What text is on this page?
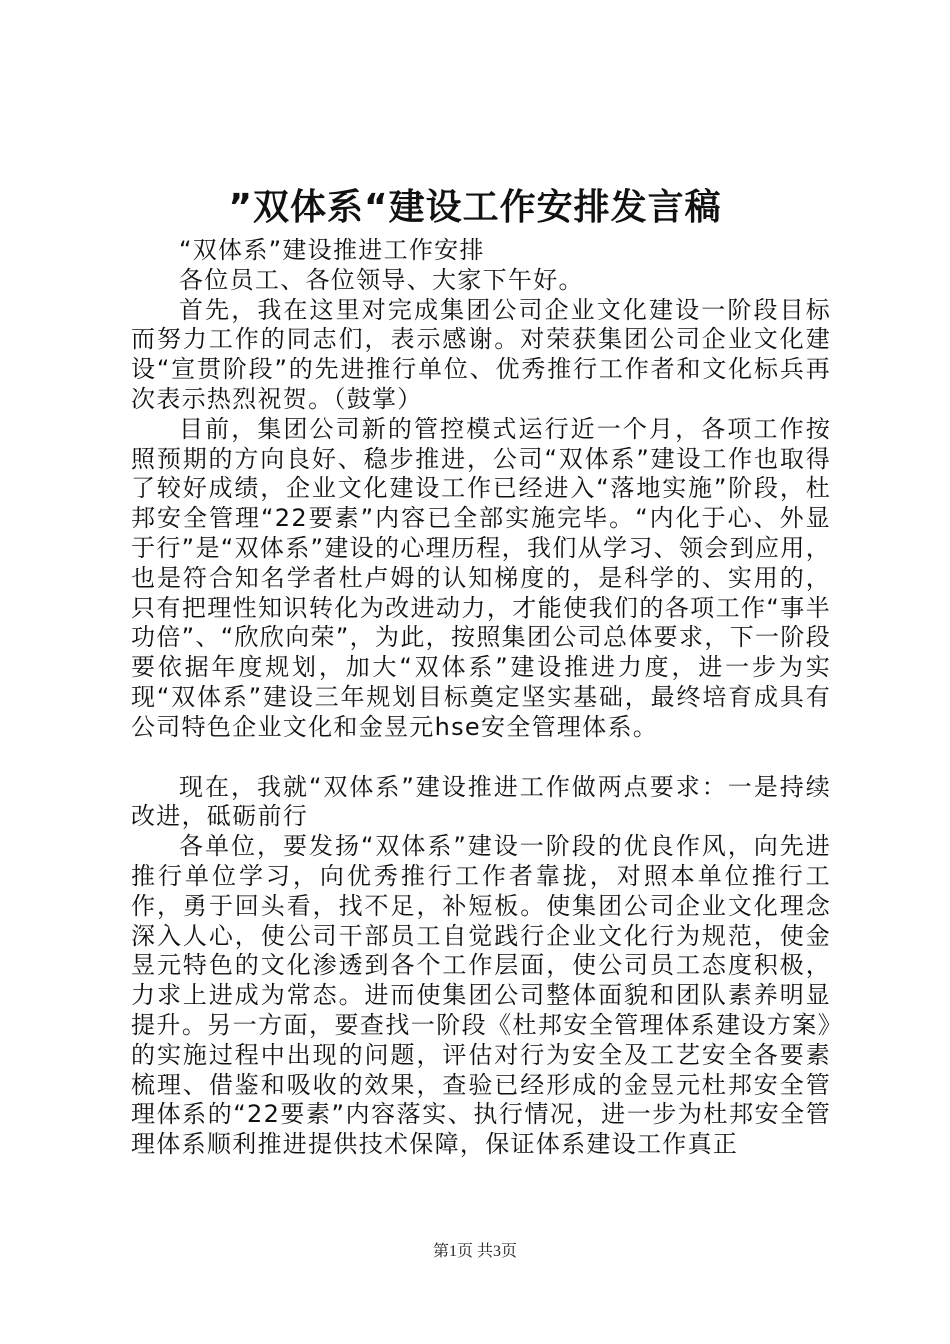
”双体系“建设工作安排发言稿

“双体系”建设推进工作安排

各位员工、各位领导、大家下午好。

首先，我在这里对完成集团公司企业文化建设一阶段目标而努力工作的同志们，表示感谢。对荣获集团公司企业文化建设“宣贯阶段”的先进推行单位、优秀推行工作者和文化标兵再次表示热烈祝贺。（鼓掌）

目前，集团公司新的管控模式运行近一个月，各项工作按照预期的方向良好、稳步推进，公司“双体系”建设工作也取得了较好成绩，企业文化建设工作已经进入“落地实施”阶段，杜邦安全管理“22要素”内容已全部实施完毕。“内化于心、外显于行”是“双体系”建设的心理历程，我们从学习、领会到应用，也是符合知名学者杜卢姆的认知梯度的，是科学的、实用的，只有把理性知识转化为改进动力，才能使我们的各项工作“事半功倍”、“欣欣向荣”，为此，按照集团公司总体要求，下一阶段要依据年度规划，加大“双体系”建设推进力度，进一步为实现“双体系”建设三年规划目标奠定坚实基础，最终培育成具有公司特色企业文化和金昱元hse安全管理体系。

现在，我就“双体系”建设推进工作做两点要求：一是持续改进，砥砺前行

各单位，要发扬“双体系”建设一阶段的优良作风，向先进推行单位学习，向优秀推行工作者靠拢，对照本单位推行工作，勇于回头看，找不足，补短板。使集团公司企业文化理念深入人心，使公司干部员工自觉践行企业文化行为规范，使金昱元特色的文化渗透到各个工作层面，使公司员工态度积极，力求上进成为常态。进而使集团公司整体面貌和团队素养明显提升。另一方面，要查找一阶段《杜邦安全管理体系建设方案》的实施过程中出现的问题，评估对行为安全及工艺安全各要素梳理、借鉴和吸收的效果，查验已经形成的金昱元杜邦安全管理体系的“22要素”内容落实、执行情况，进一步为杜邦安全管理体系顺利推进提供技术保障，保证体系建设工作真正

第1页 共3页
